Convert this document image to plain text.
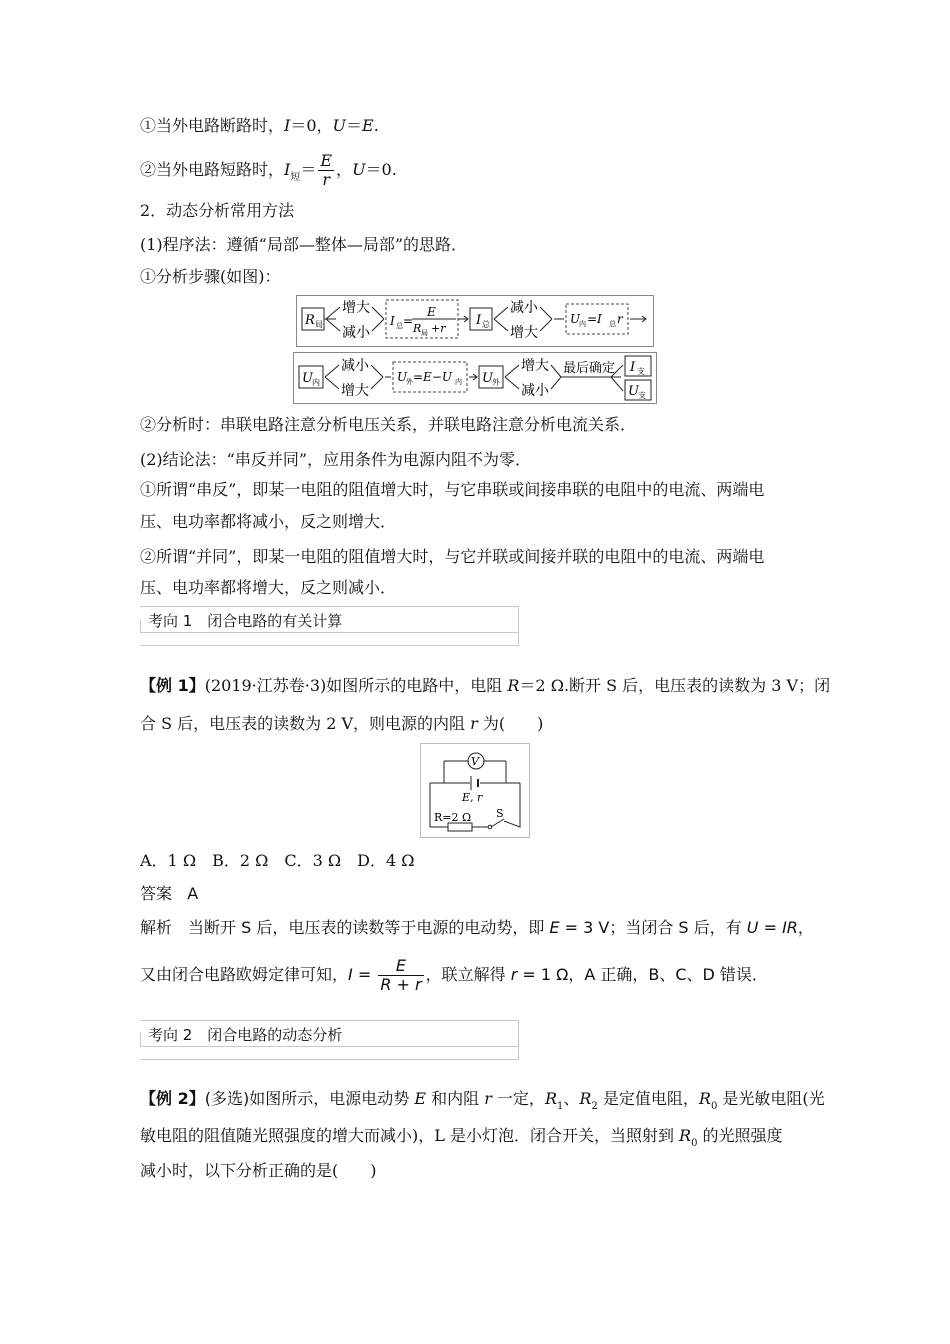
①当外电路断路时，I＝0，U＝E.
②当外电路短路时，$I_短= \frac{E}{r}$ ，U＝0.
2．动态分析常用方法
(1)程序法：遵循“局部—整体—局部”的思路．
①分析步骤(如图)：
R 局
增大
减小
I 总 =
E
R 局 +r
I 总
减小
增大
U
内 =I 总 r
U 内
减小
增大
U
外 =E−U 内 U 外
增大
减小
最后确定 I 支
U 支
②分析时：串联电路注意分析电压关系，并联电路注意分析电流关系．
(2)结论法：“串反并同”，应用条件为电源内阻不为零．
①所谓“串反”，即某一电阻的阻值增大时，与它串联或间接串联的电阻中的电流、两端电
压、电功率都将减小，反之则增大．
②所谓“并同”，即某一电阻的阻值增大时，与它并联或间接并联的电阻中的电流、两端电
压、电功率都将增大，反之则减小．
考向 1　闭合电路的有关计算
【例 1】(2019·江苏卷·3)如图所示的电路中，电阻 R＝2 Ω.断开 S 后，电压表的读数为 3 V；闭
合 S 后，电压表的读数为 2 V，则电源的内阻 r 为(　　)
V
E, r
R=2 Ω S
A．1 Ω　B．2 Ω　C．3 Ω　D．4 Ω
答案 A
解析　当断开 S 后，电压表的读数等于电源的电动势，即 E = 3 V；当闭合 S 后，有 U = IR，
又由闭合电路欧姆定律可知，$I = \frac{E}{R + r}$ ，联立解得 r = 1 Ω，A 正确，B、C、D 错误．
考向 2　闭合电路的动态分析
【例 2】(多选)如图所示，电源电动势 E 和内阻 r 一定，$R_1$、$R_2$ 是定值电阻，$R_0$ 是光敏电阻(光
敏电阻的阻值随光照强度的增大而减小)，L 是小灯泡．闭合开关，当照射到 $R_0$ 的光照强度
减小时，以下分析正确的是(　　)
